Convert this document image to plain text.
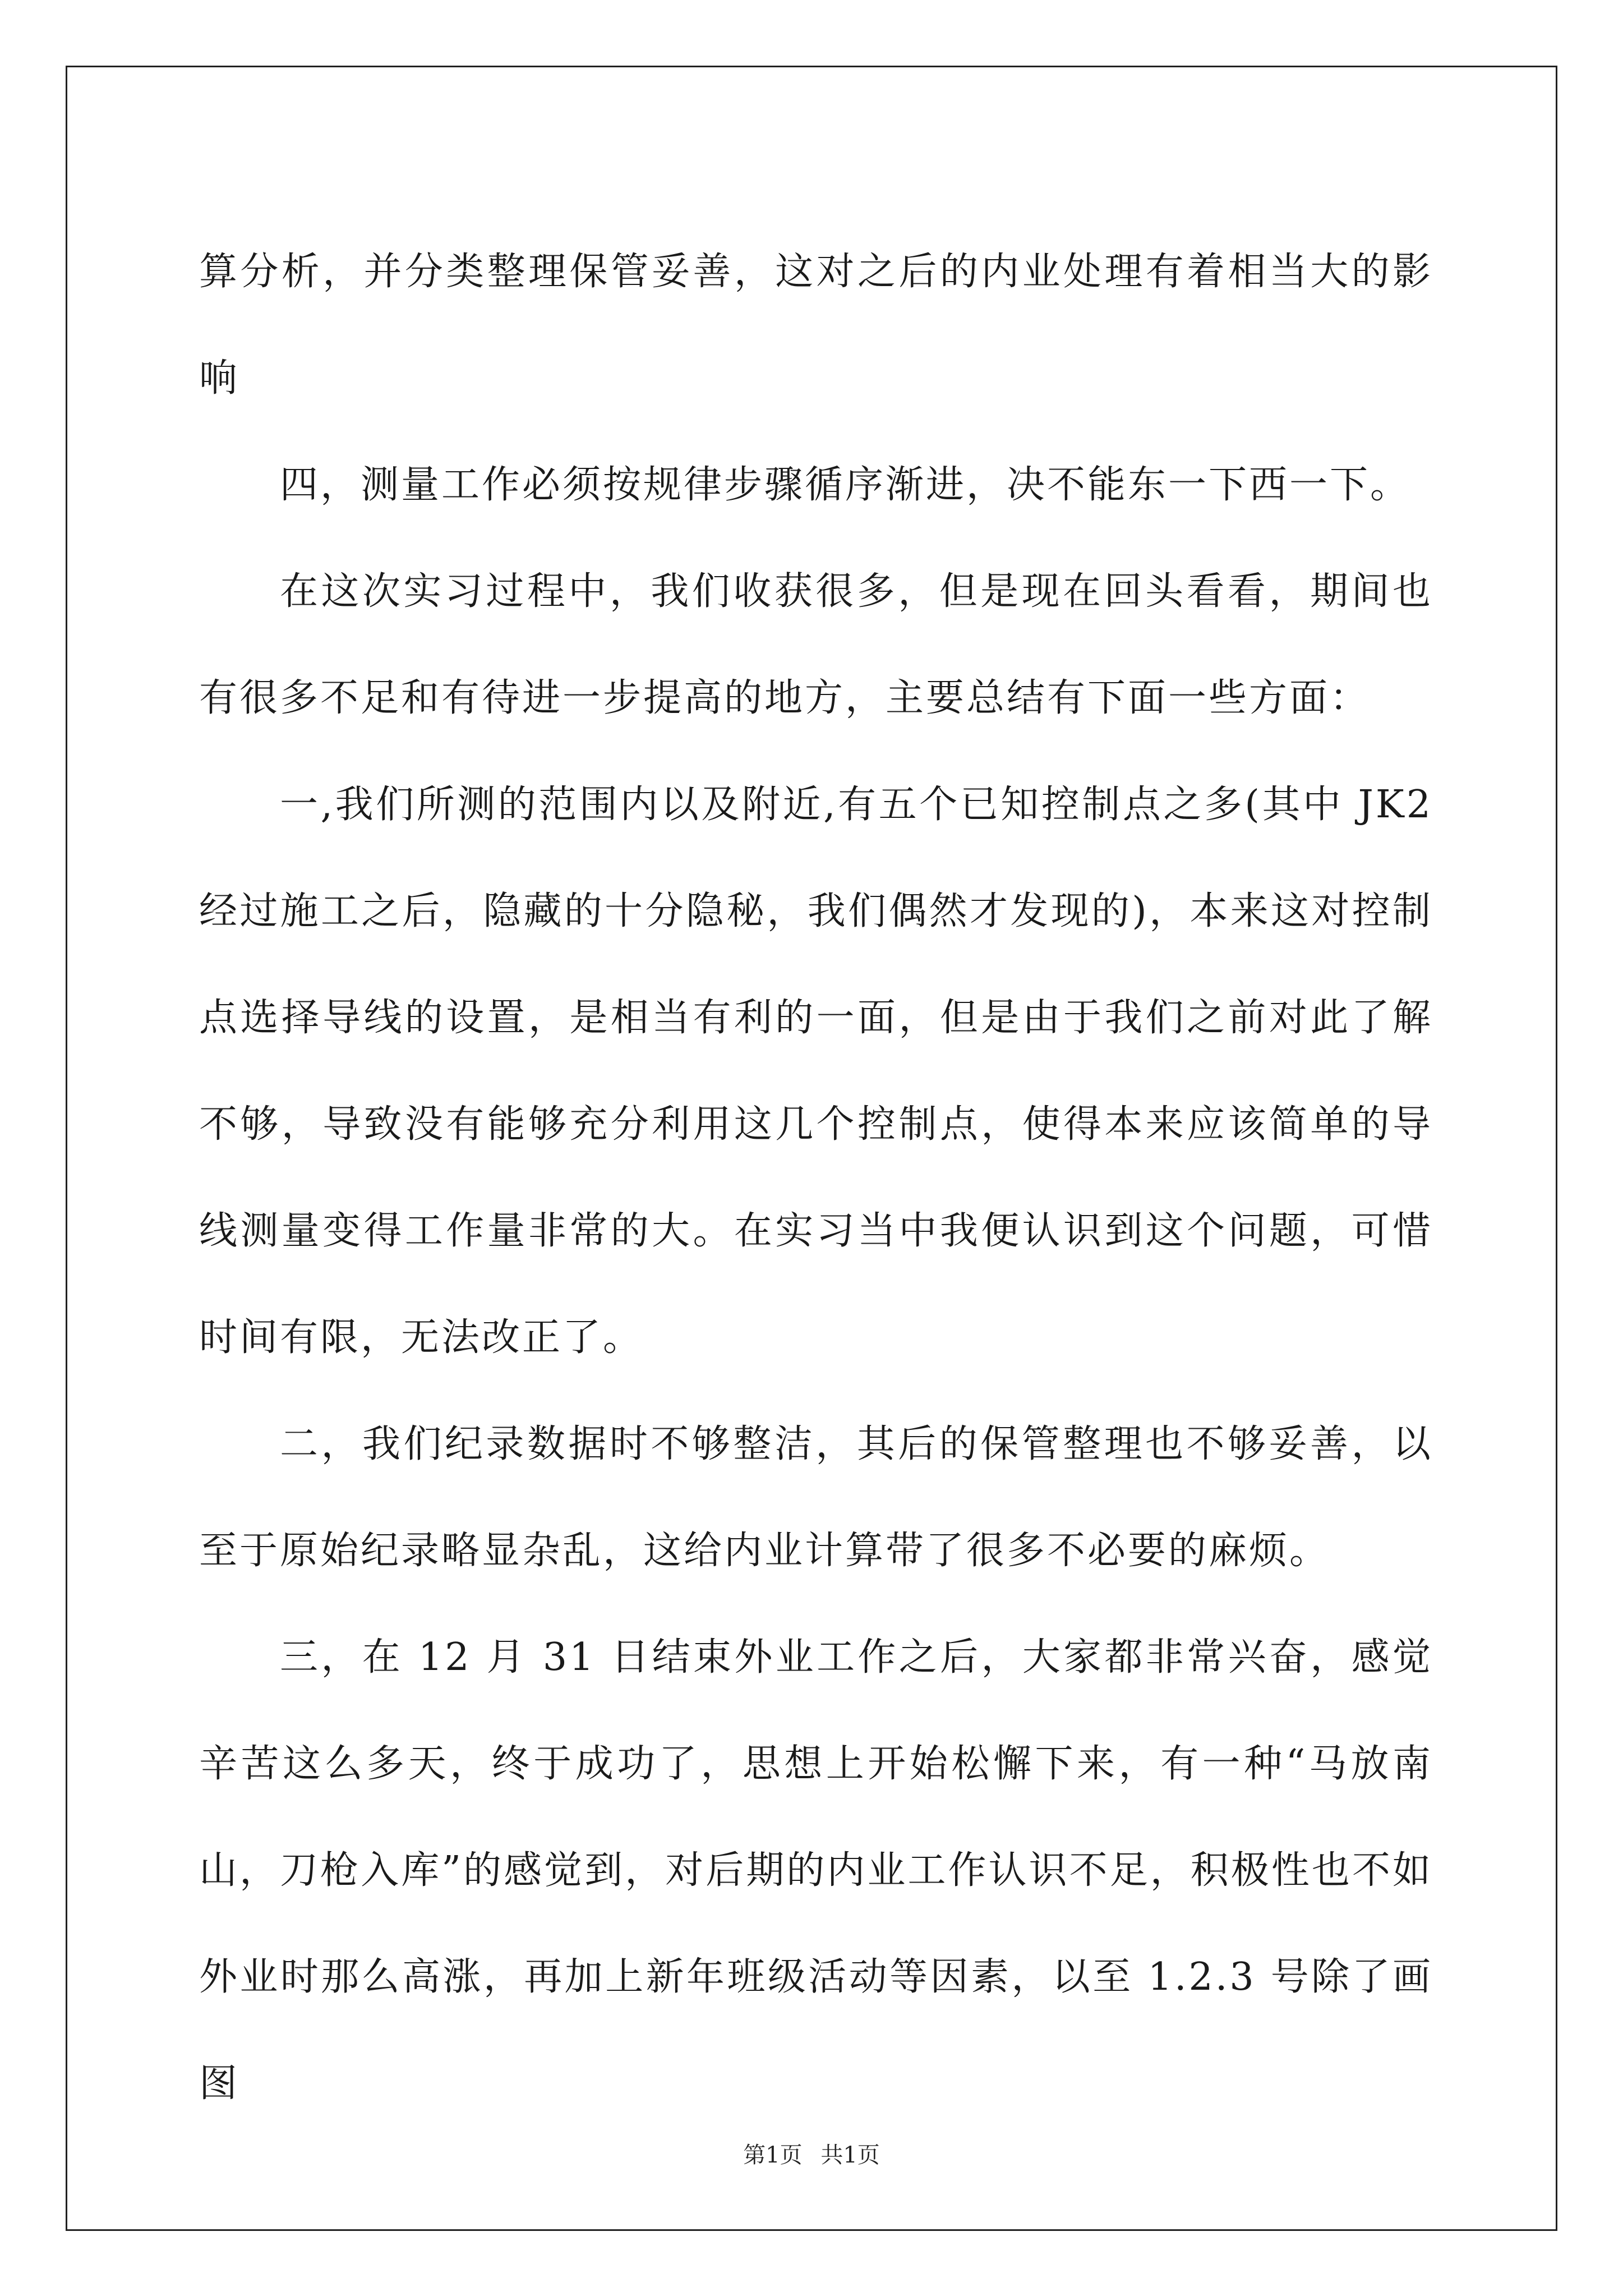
算分析，并分类整理保管妥善，这对之后的内业处理有着相当大的影响

四，测量工作必须按规律步骤循序渐进，决不能东一下西一下。

在这次实习过程中，我们收获很多，但是现在回头看看，期间也有很多不足和有待进一步提高的地方，主要总结有下面一些方面：

一,我们所测的范围内以及附近,有五个已知控制点之多(其中 JK2经过施工之后，隐藏的十分隐秘，我们偶然才发现的)，本来这对控制点选择导线的设置，是相当有利的一面，但是由于我们之前对此了解不够，导致没有能够充分利用这几个控制点，使得本来应该简单的导线测量变得工作量非常的大。在实习当中我便认识到这个问题，可惜时间有限，无法改正了。

二，我们纪录数据时不够整洁，其后的保管整理也不够妥善，以至于原始纪录略显杂乱，这给内业计算带了很多不必要的麻烦。

三，在 12 月 31 日结束外业工作之后，大家都非常兴奋，感觉辛苦这么多天，终于成功了，思想上开始松懈下来，有一种“马放南山，刀枪入库”的感觉到，对后期的内业工作认识不足，积极性也不如外业时那么高涨，再加上新年班级活动等因素，以至 1.2.3 号除了画图

第1页 共1页
